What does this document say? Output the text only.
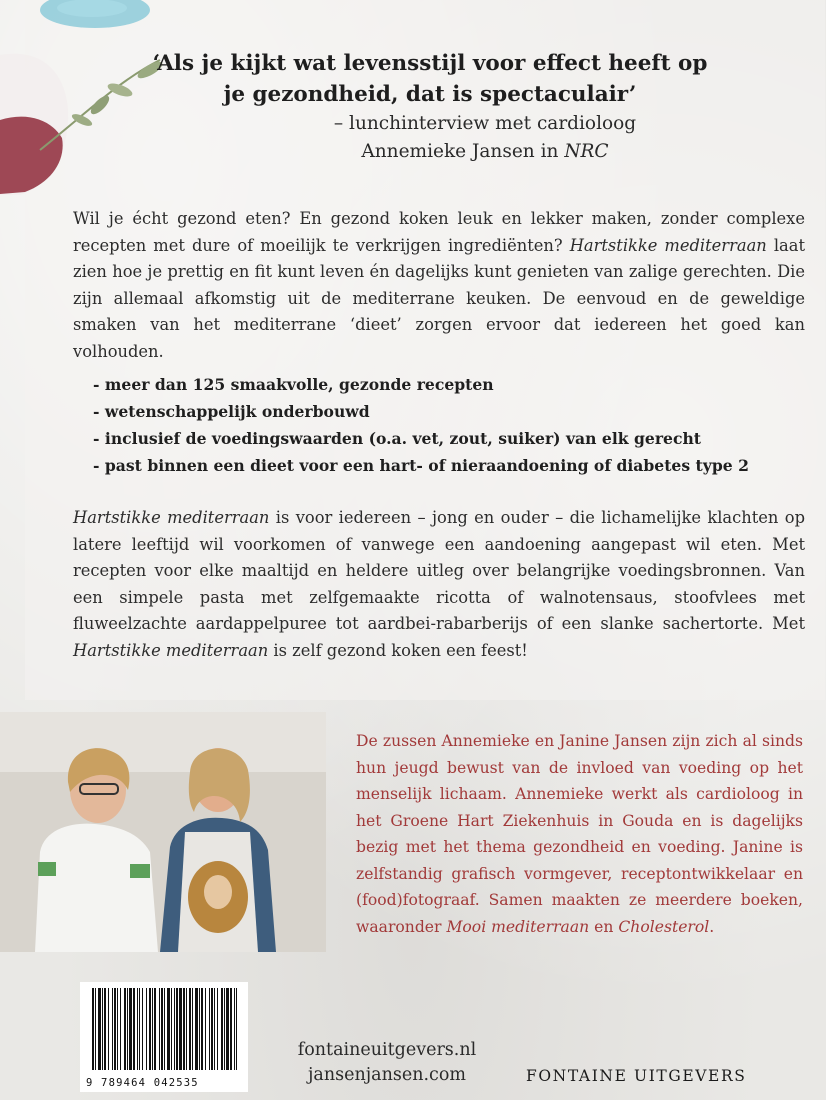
‘Als je kijkt wat levensstijl voor effect heeft op
je gezondheid, dat is spectaculair’
– lunchinterview met cardioloog
Annemieke Jansen in NRC
Wil je écht gezond eten? En gezond koken leuk en lekker maken, zonder complexe recepten met dure of moeilijk te verkrijgen ingrediënten? Hartstikke mediterraan laat zien hoe je prettig en fit kunt leven én dagelijks kunt genieten van zalige gerechten. Die zijn allemaal afkomstig uit de mediterrane keuken. De eenvoud en de geweldige smaken van het mediterrane ‘dieet’ zorgen ervoor dat iedereen het goed kan volhouden.
- meer dan 125 smaakvolle, gezonde recepten
- wetenschappelijk onderbouwd
- inclusief de voedingswaarden (o.a. vet, zout, suiker) van elk gerecht
- past binnen een dieet voor een hart- of nieraandoening of diabetes type 2
Hartstikke mediterraan is voor iedereen – jong en ouder – die lichamelijke klachten op latere leeftijd wil voorkomen of vanwege een aandoening aangepast wil eten. Met recepten voor elke maaltijd en heldere uitleg over belangrijke voedingsbronnen. Van een simpele pasta met zelfgemaakte ricotta of walnotensaus, stoofvlees met fluweelzachte aardappelpuree tot aardbei-rabarberijs of een slanke sachertorte. Met Hartstikke mediterraan is zelf gezond koken een feest!
De zussen Annemieke en Janine Jansen zijn zich al sinds hun jeugd bewust van de invloed van voeding op het menselijk lichaam. Annemieke werkt als cardioloog in het Groene Hart Ziekenhuis in Gouda en is dagelijks bezig met het thema gezondheid en voeding. Janine is zelfstandig grafisch vormgever, receptontwikkelaar en (food)fotograaf. Samen maakten ze meerdere boeken, waaronder Mooi mediterraan en Cholesterol.
9 789464 042535
fontaineuitgevers.nl
jansenjansen.com	FONTAINE UITGEVERS
